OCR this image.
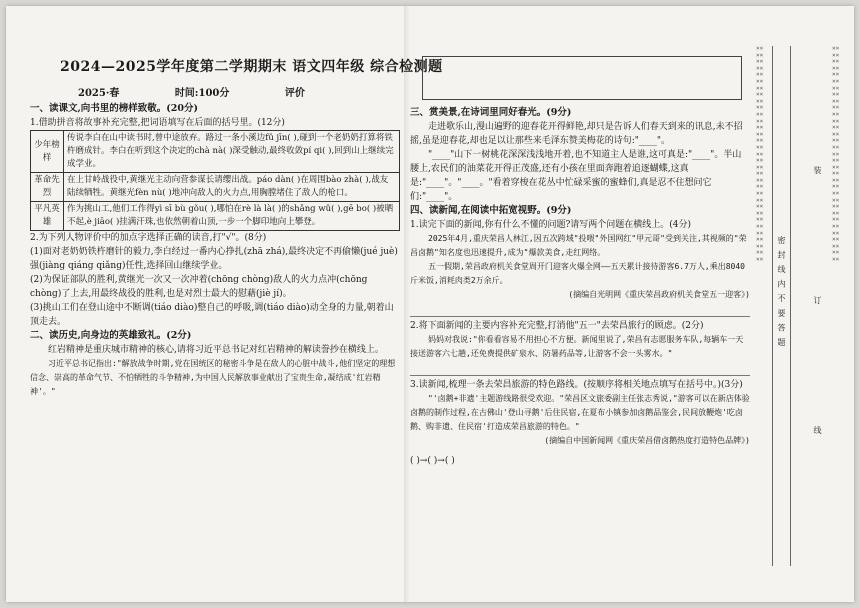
2024—2025学年度第二学期期末 语文四年级 综合检测题
2025·春	时间:100分	评价
一、读课文,向书里的榜样致敬。(20分)

1.借助拼音将故事补充完整,把词语填写在后面的括号里。(12分)

少年榜样	传说李白在山中读书时,曾中途放弃。路过一条小溪边fǔ jīn( ),碰到一个老奶奶打算将铁杵磨成针。李白在听到这个决定的chà nà( )深受触动,最终收敛pí qi( ),回到山上继续完成学业。
革命先烈	在上甘岭战役中,黄继光主动向营参谋长请缨出战。páo dàn( )在周围bào zhà( ),战友陆续牺牲。黄继光fèn nù( )地冲向敌人的火力点,用胸膛堵住了敌人的枪口。
平凡英雄	作为挑山工,他们工作得yì sī bù gǒu( ),哪怕在rè là là( )的shǎng wǔ( ),gē bo( )被晒不起,è jiāo( )挂满汗珠,也依然朝着山顶,一步一个脚印地向上攀登。

2.为下列人物评价中的加点字选择正确的读音,打"√"。(8分)

(1)面对老奶奶铁杵磨针的毅力,李白经过一番内心挣扎(zhā zhá),最终决定不再偷懒(jué juè)强(jiàng qiáng qiǎng)任性,选择回山继续学业。

(2)为保证部队的胜利,黄继光一次又一次冲着(chōng chòng)敌人的火力点冲(chōng chòng)了上去,用最终战役的胜利,也是对烈士最大的慰藉(jiè jí)。

(3)挑山工们在登山途中不断调(tiáo diào)整自己的呼吸,调(tiáo diào)动全身的力量,朝着山顶走去。

二、读历史,向身边的英雄致礼。(2分)

红岩精神是重庆城市精神的核心,请将习近平总书记对红岩精神的解读誊抄在横线上。

习近平总书记指出:"解放战争时期,党在国统区的秘密斗争是在敌人的心脏中战斗,他们坚定的理想信念、崇高的革命气节、不怕牺牲的斗争精神,为中国人民解放事业献出了宝贵生命,凝结成'红岩精神'。"

三、赏美景,在诗词里同好春光。(9分)

走进歌乐山,漫山遍野的迎春花开得鲜艳,却只是告诉人们春天到来的讯息,未不招摇,虽是迎春花,却也足以让那些来毛泽东赞美梅花的诗句:"____"。

"____"山下一树桃花深深浅浅地开着,也不知道主人是谁,这可真是:"____"。半山腰上,农民们的油菜花开得正茂盛,还有小孩在里面奔跑着追逐蝴蝶,这真是:"____"。"____。"看着穿梭在花丛中忙碌采蜜的蜜蜂们,真是忍不住想问它们:"____"。

四、读新闻,在阅读中拓宽视野。(9分)

1.读完下面的新闻,你有什么不懂的问题?请写两个问题在横线上。(4分)

2025年4月,重庆荣昌人林江,因五次跨域"投喂"外国网红"甲元哥"受到关注,其视频的"荣昌卤鹅"知名度也迅速提升,成为"爆款美食,走红网络。

五一假期,荣昌政府机关食堂周开门迎客火爆全网——五天累计接待游客6.7万人,乘出8040斤米饭,消耗肉类2万余斤。

(摘编自光明网《重庆荣昌政府机关食堂五一迎客》)

2.将下面新闻的主要内容补充完整,打消他"五一"去荣昌旅行的顾虑。(2分)

妈妈对我说:"你看看容易不用担心不方便。新闻里说了,荣昌有志愿服务车队,每辆车一天接送游客六七趟,还免费提供矿泉水、防暑药品等,让游客不会一头雾水。"

3.读新闻,梳理一条去荣昌旅游的特色路线。(按顺序将相关地点填写在括号中。)(3分)

"'卤鹅+非遗'主题游线路很受欢迎。"荣昌区文旅委副主任张志秀说,"游客可以在新店体验卤鹅的制作过程,在古佛山'登山寻鹅'后住民宿,在夏布小镇参加卤鹅品鉴会,民间放鞭炮'吃卤鹅、购非遗、住民宿'打造成荣昌旅游的特色。"

(摘编自中国新闻网《重庆荣昌借卤鹅热度打造特色品牌》)

( )→( )→( )
×××××××××××××××××××××××××××××××××××××××××××××××××××××××××××××××××× 密 封 线 内 不 要 答 题
装
订
线
××××××××××××××××××××××××××××××××××××××××××××××××××××××××××××××××××
